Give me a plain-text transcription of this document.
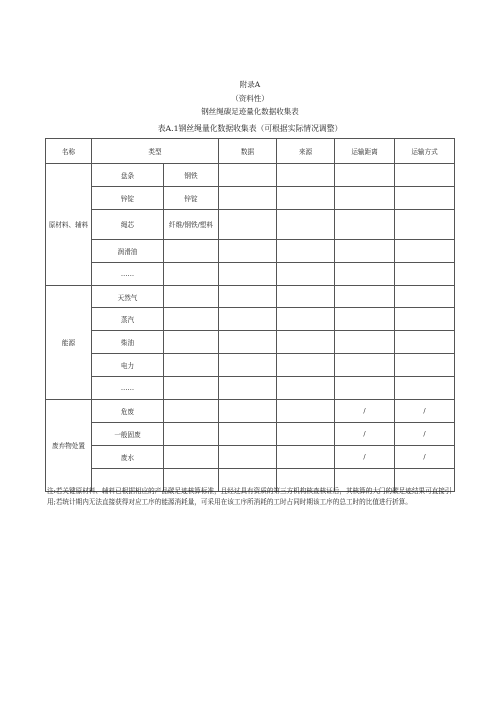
附录A
（资料性）
钢丝绳碳足迹量化数据收集表
表A.1钢丝绳量化数据收集表（可根据实际情况调整）
名称	类型		数据	来源	运输距离	运输方式
原材料、辅料	盘条	钢铁				
	锌锭	锌锭				
	绳芯	纤维/钢铁/塑料				
	润滑油					
	……					
能源	天然气					
	蒸汽					
	柴油					
	电力					
	……					
废弃物处置	危废				/	/
	一般固废				/	/
	废水				/	/

注:若关键原材料、辅料已根据相应的产品碳足迹核算标准，且经过具有资质的第三方机构核查核证后，其核算的大门的碳足迹结果可直接引用;若统计期内无法直接获得对应工序的能源消耗量，可采用在该工序所消耗的工时占同时期该工序的总工时的比值进行折算。
